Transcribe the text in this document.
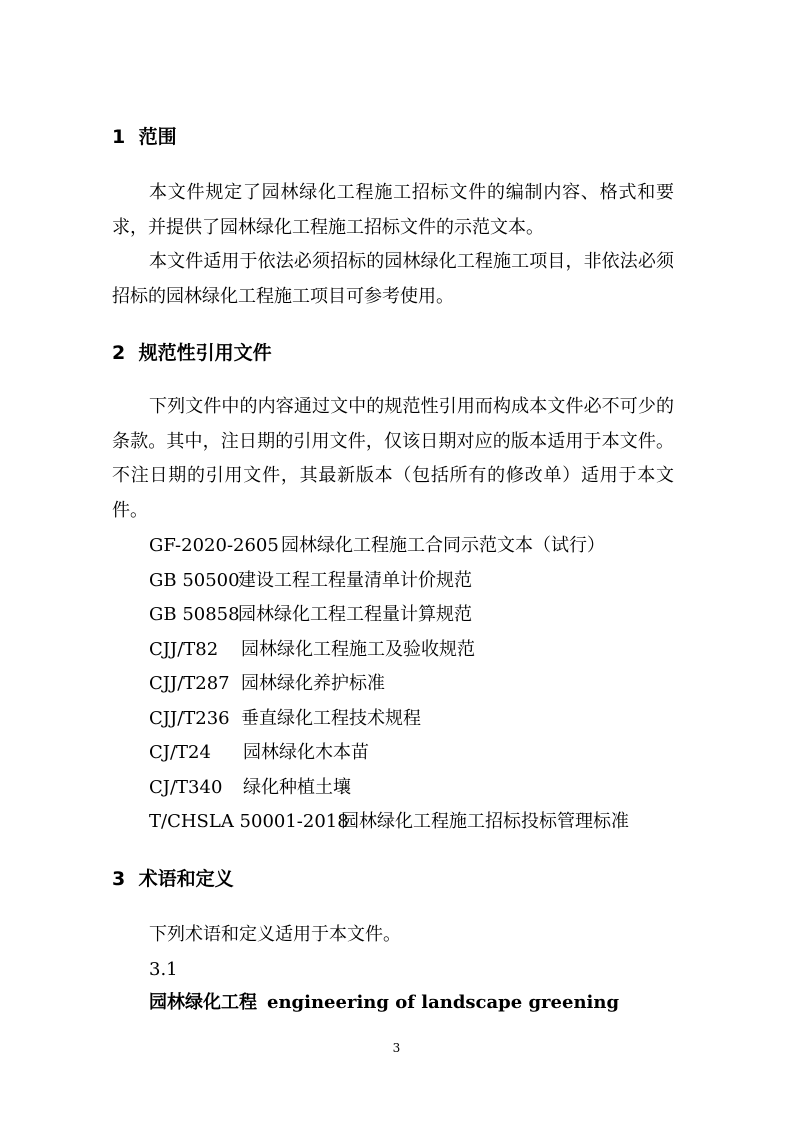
1 范围

本文件规定了园林绿化工程施工招标文件的编制内容、格式和要求，并提供了园林绿化工程施工招标文件的示范文本。

本文件适用于依法必须招标的园林绿化工程施工项目，非依法必须招标的园林绿化工程施工项目可参考使用。

2 规范性引用文件

下列文件中的内容通过文中的规范性引用而构成本文件必不可少的条款。其中，注日期的引用文件，仅该日期对应的版本适用于本文件。不注日期的引用文件，其最新版本（包括所有的修改单）适用于本文件。

GF-2020-2605 园林绿化工程施工合同示范文本（试行）
GB 50500建设工程工程量清单计价规范
GB 50858园林绿化工程工程量计算规范
CJJ/T82 园林绿化工程施工及验收规范
CJJ/T287 园林绿化养护标准
CJJ/T236 垂直绿化工程技术规程
CJ/T24 园林绿化木本苗
CJ/T340 绿化种植土壤
T/CHSLA 50001-2018园林绿化工程施工招标投标管理标准
3 术语和定义
下列术语和定义适用于本文件。
3.1
园林绿化工程 engineering of landscape greening
3
